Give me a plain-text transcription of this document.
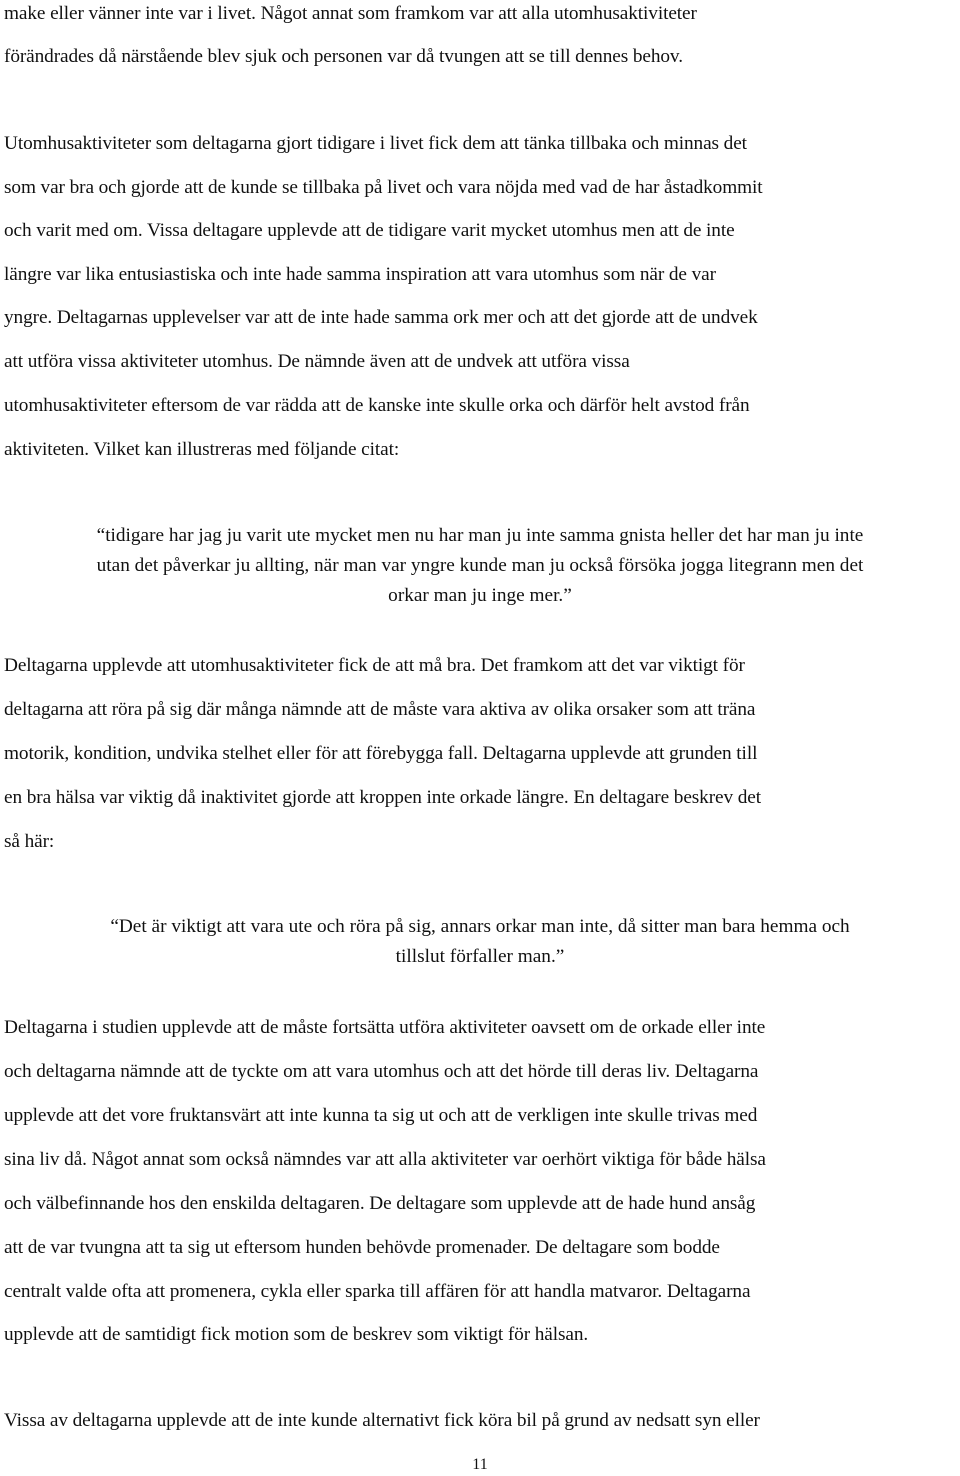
make eller vänner inte var i livet. Något annat som framkom var att alla utomhusaktiviteter
förändrades då närstående blev sjuk och personen var då tvungen att se till dennes behov.
Utomhusaktiviteter som deltagarna gjort tidigare i livet fick dem att tänka tillbaka och minnas det
som var bra och gjorde att de kunde se tillbaka på livet och vara nöjda med vad de har åstadkommit
och varit med om. Vissa deltagare upplevde att de tidigare varit mycket utomhus men att de inte
längre var lika entusiastiska och inte hade samma inspiration att vara utomhus som när de var
yngre. Deltagarnas upplevelser var att de inte hade samma ork mer och att det gjorde att de undvek
att utföra vissa aktiviteter utomhus. De nämnde även att de undvek att utföra vissa
utomhusaktiviteter eftersom de var rädda att de kanske inte skulle orka och därför helt avstod från
aktiviteten. Vilket kan illustreras med följande citat:
“tidigare har jag ju varit ute mycket men nu har man ju inte samma gnista heller det har man ju inte
utan det påverkar ju allting, när man var yngre kunde man ju också försöka jogga litegrann men det
orkar man ju inge mer.”
Deltagarna upplevde att utomhusaktiviteter fick de att må bra. Det framkom att det var viktigt för
deltagarna att röra på sig där många nämnde att de måste vara aktiva av olika orsaker som att träna
motorik, kondition, undvika stelhet eller för att förebygga fall. Deltagarna upplevde att grunden till
en bra hälsa var viktig då inaktivitet gjorde att kroppen inte orkade längre. En deltagare beskrev det
så här:
“Det är viktigt att vara ute och röra på sig, annars orkar man inte, då sitter man bara hemma och
tillslut förfaller man.”
Deltagarna i studien upplevde att de måste fortsätta utföra aktiviteter oavsett om de orkade eller inte
och deltagarna nämnde att de tyckte om att vara utomhus och att det hörde till deras liv. Deltagarna
upplevde att det vore fruktansvärt att inte kunna ta sig ut och att de verkligen inte skulle trivas med
sina liv då. Något annat som också nämndes var att alla aktiviteter var oerhört viktiga för både hälsa
och välbefinnande hos den enskilda deltagaren. De deltagare som upplevde att de hade hund ansåg
att de var tvungna att ta sig ut eftersom hunden behövde promenader. De deltagare som bodde
centralt valde ofta att promenera, cykla eller sparka till affären för att handla matvaror. Deltagarna
upplevde att de samtidigt fick motion som de beskrev som viktigt för hälsan.
Vissa av deltagarna upplevde att de inte kunde alternativt fick köra bil på grund av nedsatt syn eller
11
